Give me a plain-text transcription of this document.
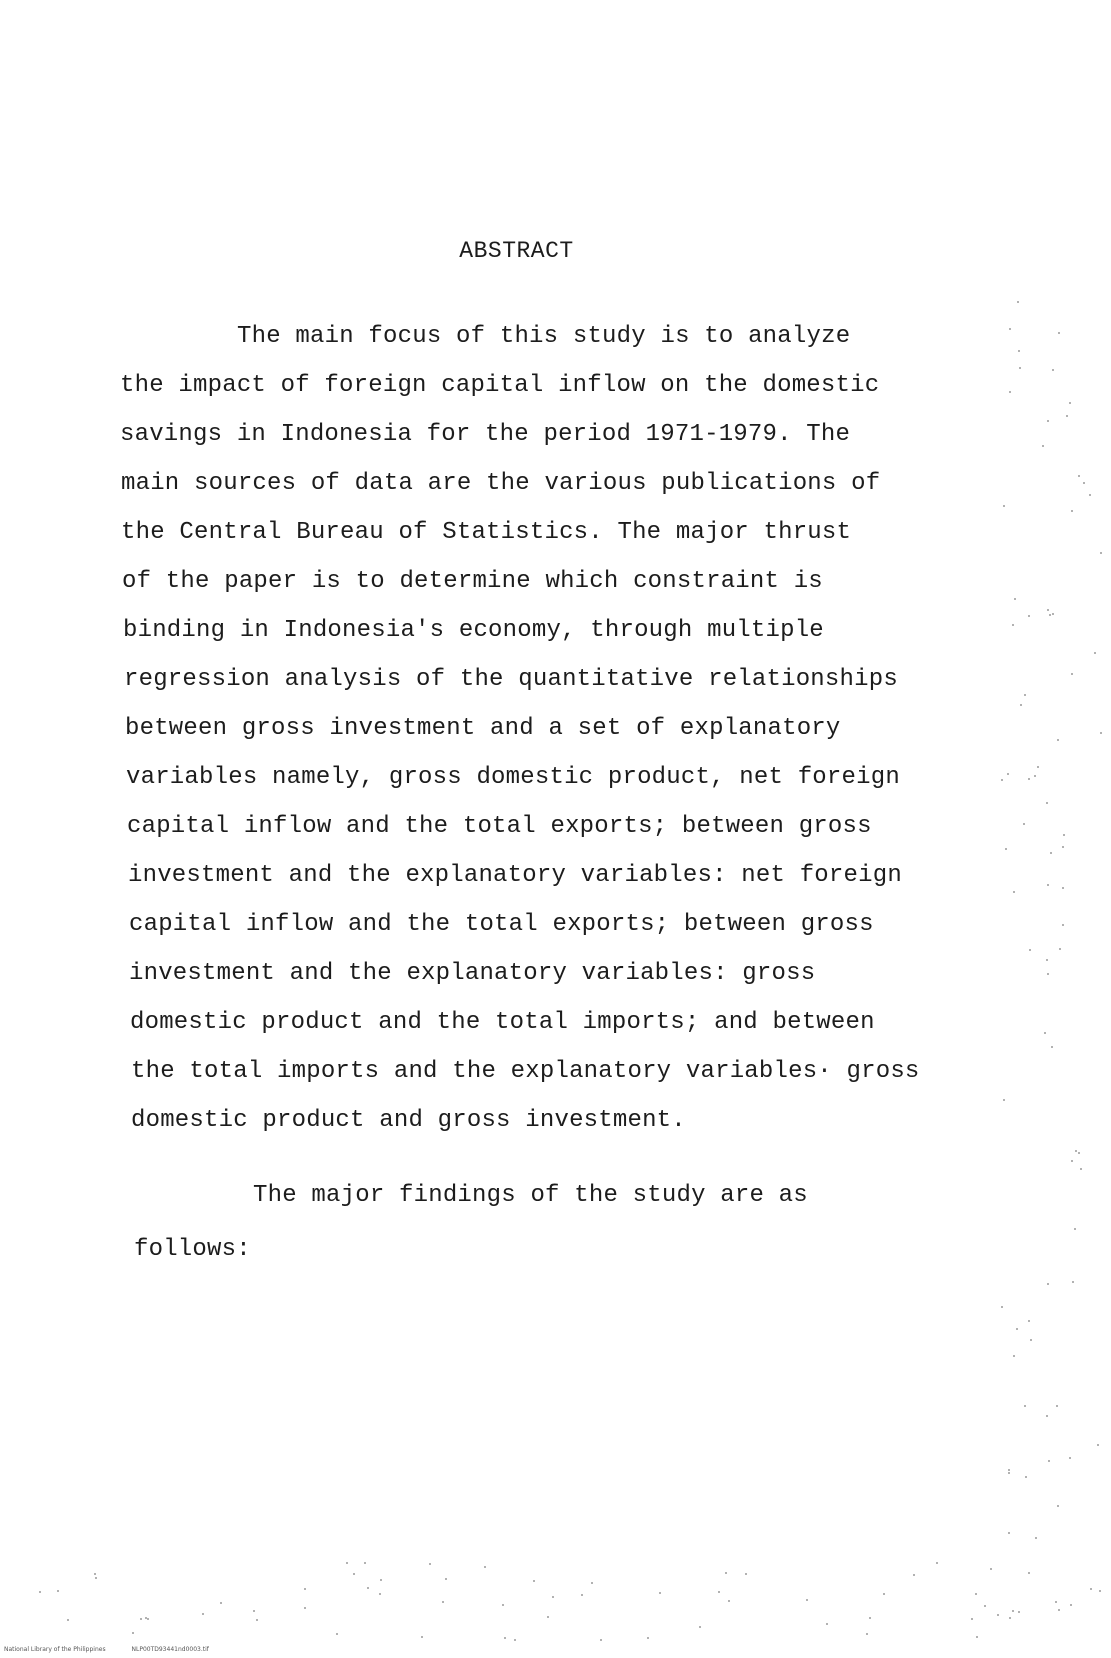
ABSTRACT
The main focus of this study is to analyze
the impact of foreign capital inflow on the domestic
savings in Indonesia for the period 1971-1979. The
main sources of data are the various publications of
the Central Bureau of Statistics. The major thrust
of the paper is to determine which constraint is
binding in Indonesia's economy, through multiple
regression analysis of the quantitative relationships
between gross investment and a set of explanatory
variables namely, gross domestic product, net foreign
capital inflow and the total exports; between gross
investment and the explanatory variables: net foreign
capital inflow and the total exports; between gross
investment and the explanatory variables: gross
domestic product and the total imports; and between
the total imports and the explanatory variables· gross
domestic product and gross investment.
The major findings of the study are as
follows:
National Library of the Philippines	NLP00TD93441nd0003.tif
